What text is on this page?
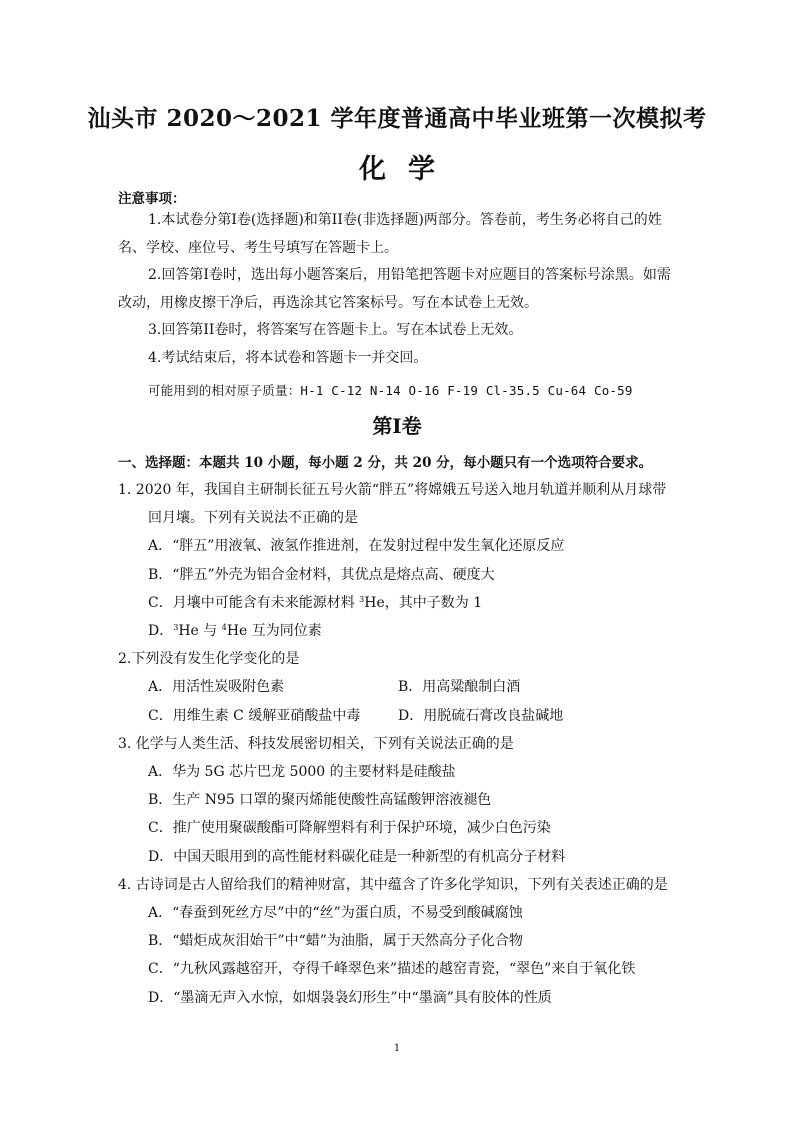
汕头市 2020～2021 学年度普通高中毕业班第一次模拟考
化学
注意事项：

1.本试卷分第I卷(选择题)和第II卷(非选择题)两部分。答卷前，考生务必将自己的姓

名、学校、座位号、考生号填写在答题卡上。

2.回答第I卷时，选出每小题答案后，用铅笔把答题卡对应题目的答案标号涂黑。如需

改动，用橡皮擦干净后，再选涂其它答案标号。写在本试卷上无效。

3.回答第II卷时，将答案写在答题卡上。写在本试卷上无效。

4.考试结束后，将本试卷和答题卡一并交回。

可能用到的相对原子质量：H-1 C-12 N-14 O-16 F-19 Cl-35.5 Cu-64 Co-59
第Ⅰ卷
一、选择题：本题共 10 小题，每小题 2 分，共 20 分，每小题只有一个选项符合要求。

1. 2020 年，我国自主研制长征五号火箭“胖五”将嫦娥五号送入地月轨道并顺利从月球带

回月壤。下列有关说法不正确的是

A．“胖五”用液氧、液氢作推进剂，在发射过程中发生氧化还原反应

B．“胖五”外壳为铝合金材料，其优点是熔点高、硬度大

C．月壤中可能含有未来能源材料 $^3$He，其中子数为 1

D．$^3$He 与 $^4$He 互为同位素

2.下列没有发生化学变化的是

A．用活性炭吸附色素	B．用高粱酿制白酒

C．用维生素 C 缓解亚硝酸盐中毒	D．用脱硫石膏改良盐碱地

3. 化学与人类生活、科技发展密切相关，下列有关说法正确的是

A．华为 5G 芯片巴龙 5000 的主要材料是硅酸盐

B．生产 N95 口罩的聚丙烯能使酸性高锰酸钾溶液褪色

C．推广使用聚碳酸酯可降解塑料有利于保护环境，减少白色污染

D．中国天眼用到的高性能材料碳化硅是一种新型的有机高分子材料

4. 古诗词是古人留给我们的精神财富，其中蕴含了许多化学知识，下列有关表述正确的是

A．“春蚕到死丝方尽”中的“丝”为蛋白质，不易受到酸碱腐蚀

B．“蜡炬成灰泪始干”中“蜡”为油脂，属于天然高分子化合物

C．“九秋风露越窑开，夺得千峰翠色来”描述的越窑青瓷，“翠色”来自于氧化铁

D．“墨滴无声入水惊，如烟袅袅幻形生”中“墨滴”具有胶体的性质

1
